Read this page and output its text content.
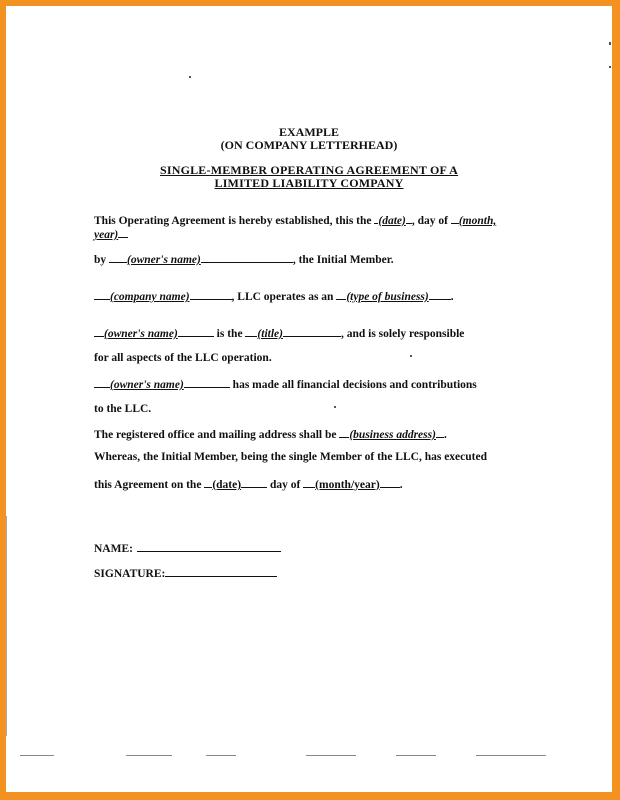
EXAMPLE
(ON COMPANY LETTERHEAD)
SINGLE-MEMBER OPERATING AGREEMENT OF A
LIMITED LIABILITY COMPANY
This Operating Agreement is hereby established, this the (date) , day of (month,
year)
by (owner's name)	, the Initial Member.
(company name)	, LLC operates as an (type of business) .
(owner's name)	is the (title)	, and is solely responsible
for all aspects of the LLC operation.
(owner's name)	has made all financial decisions and contributions
to the LLC.
The registered office and mailing address shall be (business address) .
Whereas, the Initial Member, being the single Member of the LLC, has executed
this Agreement on the (date) day of (month/year) .
NAME:
SIGNATURE:
